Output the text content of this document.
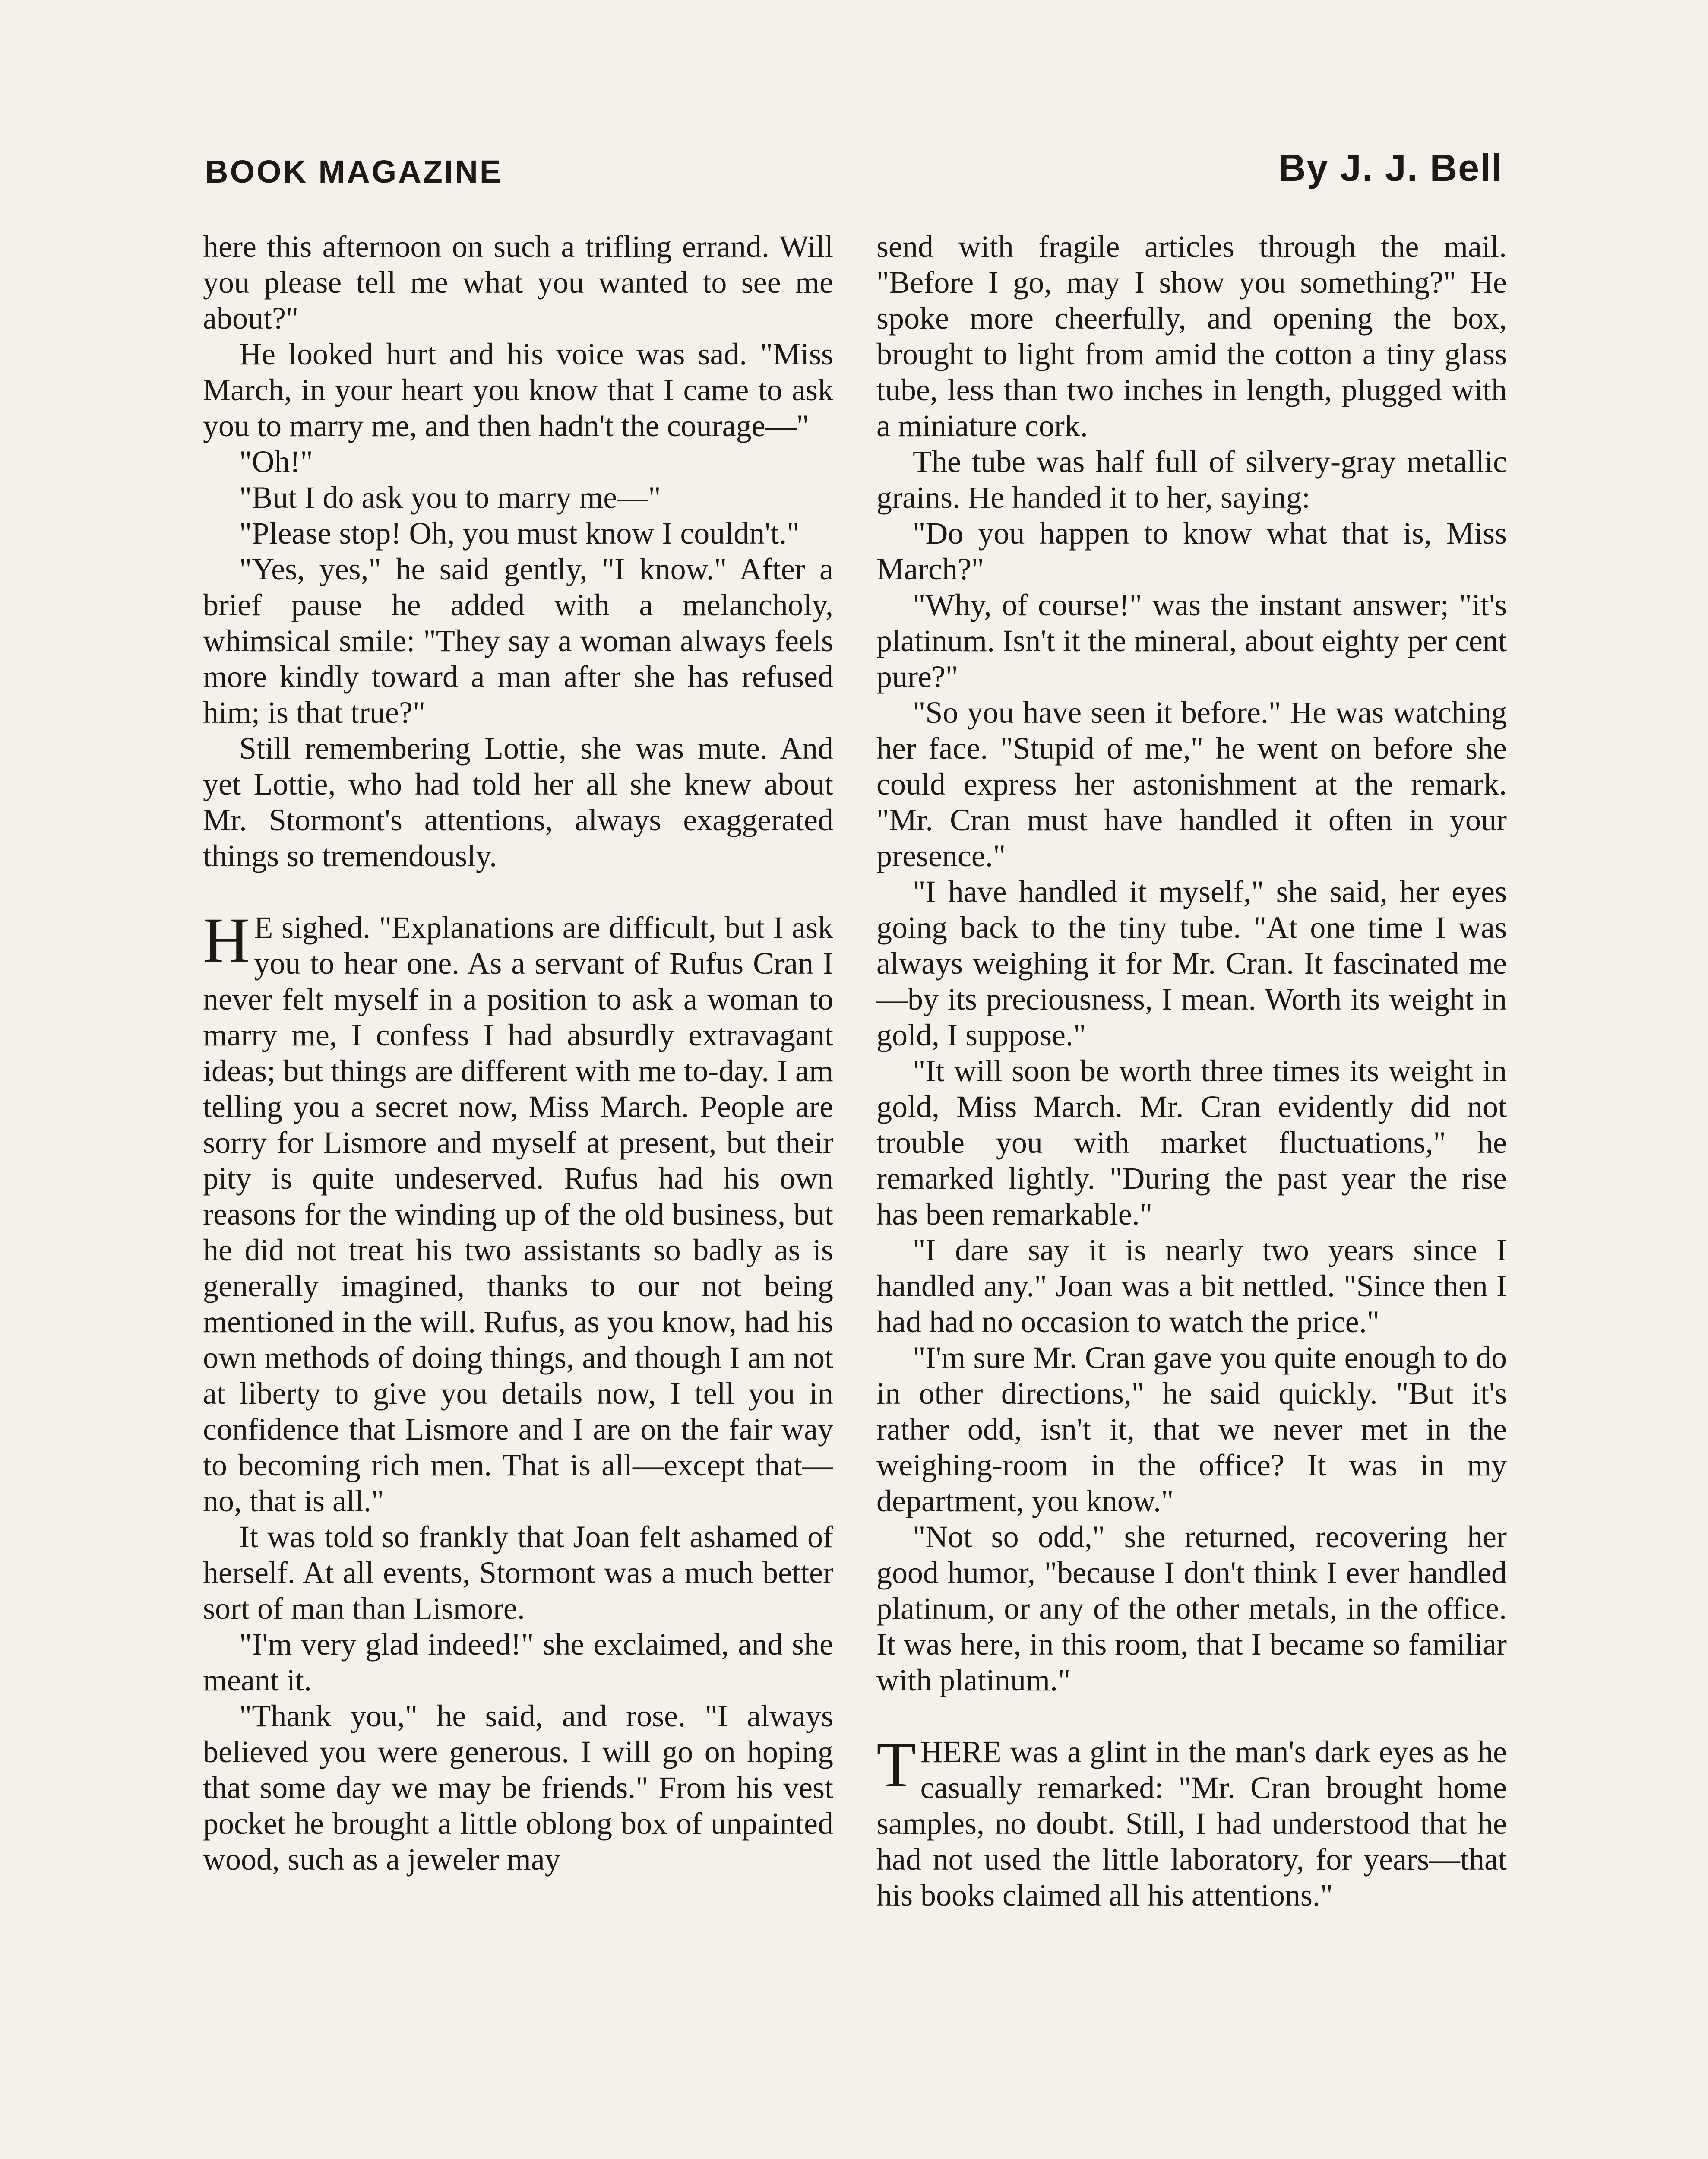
BOOK MAGAZINE	By J. J. Bell

here this afternoon on such a trifling errand. Will you please tell me what you wanted to see me about?"

He looked hurt and his voice was sad. "Miss March, in your heart you know that I came to ask you to marry me, and then hadn't the courage—"

"Oh!"

"But I do ask you to marry me—"

"Please stop! Oh, you must know I couldn't."

"Yes, yes," he said gently, "I know." After a brief pause he added with a melancholy, whimsical smile: "They say a woman always feels more kindly toward a man after she has refused him; is that true?"

Still remembering Lottie, she was mute. And yet Lottie, who had told her all she knew about Mr. Stormont's attentions, always exaggerated things so tremendously.

H E sighed. "Explanations are difficult, but I ask you to hear one. As a servant of Rufus Cran I never felt myself in a position to ask a woman to marry me, I confess I had absurdly extravagant ideas; but things are different with me to-day. I am telling you a secret now, Miss March. People are sorry for Lismore and myself at present, but their pity is quite undeserved. Rufus had his own reasons for the winding up of the old business, but he did not treat his two assistants so badly as is generally imagined, thanks to our not being mentioned in the will. Rufus, as you know, had his own methods of doing things, and though I am not at liberty to give you details now, I tell you in confidence that Lismore and I are on the fair way to becoming rich men. That is all—except that—no, that is all."

It was told so frankly that Joan felt ashamed of herself. At all events, Stormont was a much better sort of man than Lismore.

"I'm very glad indeed!" she exclaimed, and she meant it.

"Thank you," he said, and rose. "I always believed you were generous. I will go on hoping that some day we may be friends." From his vest pocket he brought a little oblong box of unpainted wood, such as a jeweler may

send with fragile articles through the mail. "Before I go, may I show you something?" He spoke more cheerfully, and opening the box, brought to light from amid the cotton a tiny glass tube, less than two inches in length, plugged with a miniature cork.

The tube was half full of silvery-gray metallic grains. He handed it to her, saying:

"Do you happen to know what that is, Miss March?"

"Why, of course!" was the instant answer; "it's platinum. Isn't it the mineral, about eighty per cent pure?"

"So you have seen it before." He was watching her face. "Stupid of me," he went on before she could express her astonishment at the remark. "Mr. Cran must have handled it often in your presence."

"I have handled it myself," she said, her eyes going back to the tiny tube. "At one time I was always weighing it for Mr. Cran. It fascinated me—by its preciousness, I mean. Worth its weight in gold, I suppose."

"It will soon be worth three times its weight in gold, Miss March. Mr. Cran evidently did not trouble you with market fluctuations," he remarked lightly. "During the past year the rise has been remarkable."

"I dare say it is nearly two years since I handled any." Joan was a bit nettled. "Since then I had had no occasion to watch the price."

"I'm sure Mr. Cran gave you quite enough to do in other directions," he said quickly. "But it's rather odd, isn't it, that we never met in the weighing-room in the office? It was in my department, you know."

"Not so odd," she returned, recovering her good humor, "because I don't think I ever handled platinum, or any of the other metals, in the office. It was here, in this room, that I became so familiar with platinum."

THERE was a glint in the man's dark eyes as he casually remarked: "Mr. Cran brought home samples, no doubt. Still, I had understood that he had not used the little laboratory, for years—that his books claimed all his attentions."
